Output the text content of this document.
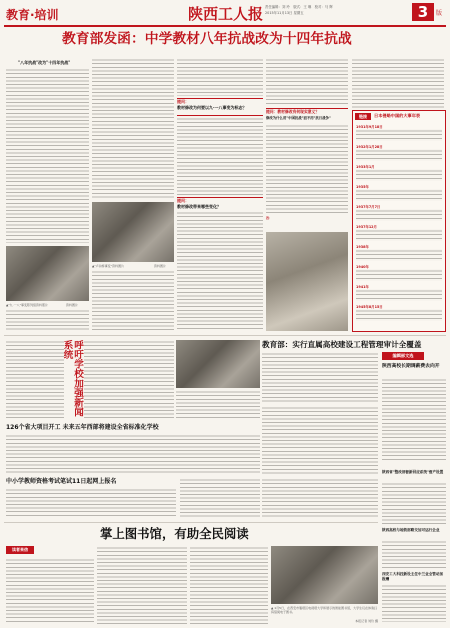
教育·培训	陕西工人报 责任编辑：刘 玲　版式：王 琳　校对：马 辉
2015年11月13日 星期五	3	版
教育部发函：中学教材八年抗战改为十四年抗战
"八年抗战"改为"十四年抗战"
▲"九·一八"事变陈列馆资料照片	资料图片
▲"卢沟桥事变"资料图片	资料图片
提问：
教材修改为何要以九·一八事变为标志？
提问：
教材修改带来哪些变化？
提问：教材修改有何现实意义？
修改为什么用"中国抗战"而不用"抗日战争"
答：
链接	日本侵略中国的大事年表
1931年9月18日
1932年1月28日
1933年1月
1935年
1937年7月7日
1937年12月
1938年
1940年
1941年
1945年8月15日
呼吁学校加强新闻系统	教育部：实行直属高校建设工程管理审计全覆盖
编辑部文选
陕西省"整改部督新回应系统"督产设置
陕西高校与地铁部路交加可运行企业
西安工大科技新设主任中兰业全管动加报酬
陕西高校长期调薪费去向开
126个省大项目开工 未来五年西部将建设全省标准化学校
中小学教师资格考试笔试11日起网上报名
掌上图书馆，有助全民阅读
读者来信
▲ 1月5日，在西安市雁塔区电视塔大学和展示的智能图书馆，大学生们在体验扫码借阅电子图书。
本报记者 刘玲 摄
